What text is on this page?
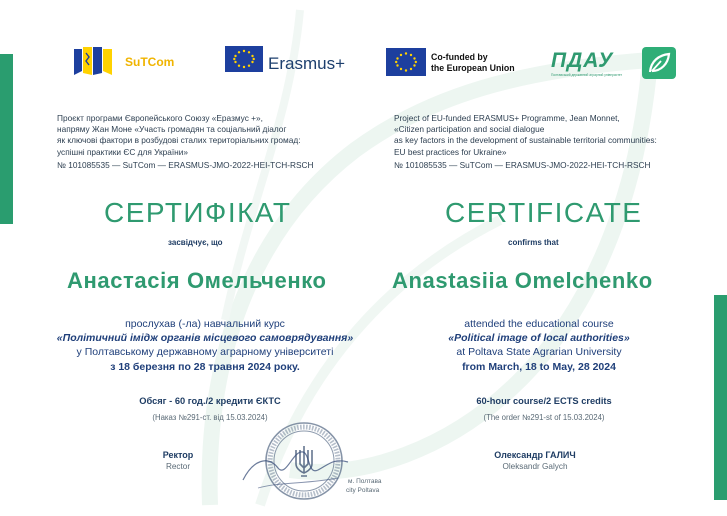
SuTCom	Erasmus+	Co-funded by
the European Union ПДАУ
Полтавський державний аграрний університет
Проєкт програми Європейського Союзу «Еразмус +»,
напряму Жан Моне «Участь громадян та соціальний діалог
як ключові фактори в розбудові сталих територіальних громад:
успішні практики ЄС для України»
№ 101085535 — SuTCom — ERASMUS-JMO-2022-HEI-TCH-RSCH
Project of EU-funded ERASMUS+ Programme, Jean Monnet,
«Citizen participation and social dialogue
as key factors in the development of sustainable territorial communities:
EU best practices for Ukraine»
№ 101085535 — SuTCom — ERASMUS-JMO-2022-HEI-TCH-RSCH
СЕРТИФІКАТ	CERTIFICATE
засвідчує, що	confirms that
Анастасія Омельченко	Anastasiia Omelchenko
прослухав (-ла) навчальний курс
«Політичний імідж органів місцевого самоврядування»
у Полтавському державному аграрному університеті
з 18 березня по 28 травня 2024 року.
attended the educational course
«Political image of local authorities»
at Poltava State Agrarian University
from March, 18 to May, 28 2024
Обсяг - 60 год./2 кредити ЄКТС
(Наказ №291-ст. від 15.03.2024)
60-hour course/2 ECTS credits
(The order №291-st of 15.03.2024)
Ректор
Rector
Олександр ГАЛИЧ
Oleksandr Galych
м. Полтава
city Poltava
